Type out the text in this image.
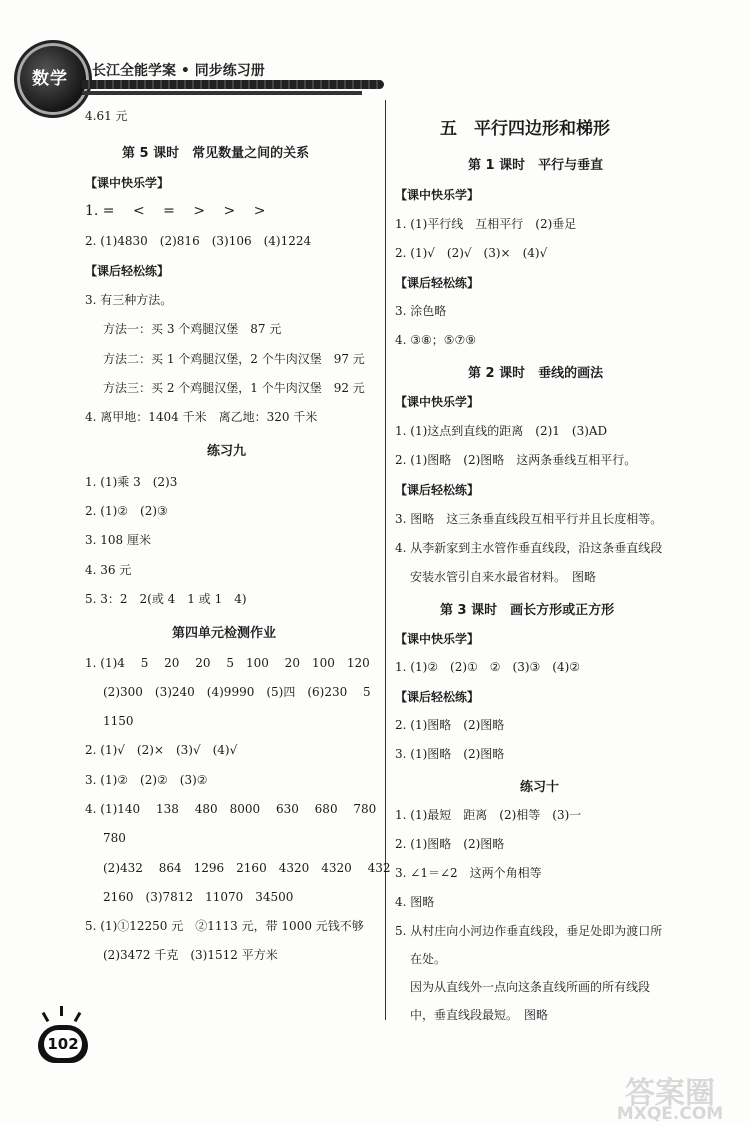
数学	长江全能学案 • 同步练习册
4.61 元
第 5 课时　常见数量之间的关系
【课中快乐学】
1. =　 <　 =　 >　 >　 >
2. (1)4830　(2)816　(3)106　(4)1224
【课后轻松练】
3. 有三种方法。
方法一：买 3 个鸡腿汉堡　87 元
方法二：买 1 个鸡腿汉堡，2 个牛肉汉堡　97 元
方法三：买 2 个鸡腿汉堡，1 个牛肉汉堡　92 元
4. 离甲地：1404 千米　离乙地：320 千米
练习九
1. (1)乘 3　(2)3
2. (1)②　(2)③
3. 108 厘米
4. 36 元
5. 3：2　2(或 4　1 或 1　4)
第四单元检测作业
1. (1)4　 5　 20　 20　 5　100　 20　100　120
(2)300　(3)240　(4)9990　(5)四　(6)230　 5
1150
2. (1)√　(2)×　(3)√　(4)√
3. (1)②　(2)②　(3)②
4. (1)140　 138　 480　8000　 630　 680　 780
780
(2)432　 864　1296　2160　4320　4320　 432
2160　(3)7812　11070　34500
5. (1)①12250 元　②1113 元，带 1000 元钱不够
(2)3472 千克　(3)1512 平方米
五　平行四边形和梯形
第 1 课时　平行与垂直
【课中快乐学】
1. (1)平行线　互相平行　(2)垂足
2. (1)√　(2)√　(3)×　(4)√
【课后轻松练】
3. 涂色略
4. ③⑧；⑤⑦⑨
第 2 课时　垂线的画法
【课中快乐学】
1. (1)这点到直线的距离　(2)1　(3)AD
2. (1)图略　(2)图略　这两条垂线互相平行。
【课后轻松练】
3. 图略　这三条垂直线段互相平行并且长度相等。
4. 从李新家到主水管作垂直线段，沿这条垂直线段
安装水管引自来水最省材料。　图略
第 3 课时　画长方形或正方形
【课中快乐学】
1. (1)②　(2)①　②　(3)③　(4)②
【课后轻松练】
2. (1)图略　(2)图略
3. (1)图略　(2)图略
练习十
1. (1)最短　距离　(2)相等　(3)一
2. (1)图略　(2)图略
3. ∠1＝∠2　这两个角相等
4. 图略
5. 从村庄向小河边作垂直线段，垂足处即为渡口所
在处。
因为从直线外一点向这条直线所画的所有线段
中，垂直线段最短。　图略
102
答案圈
MXQE.COM
